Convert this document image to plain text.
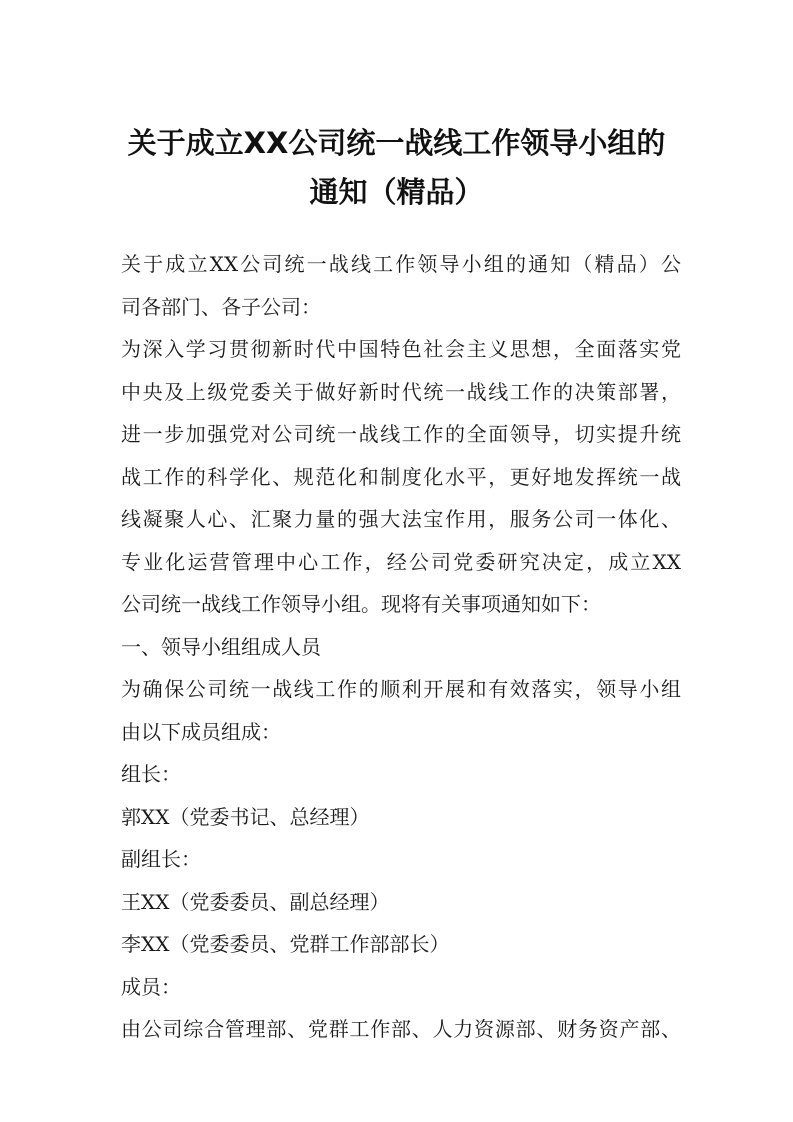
关于成立XX公司统一战线工作领导小组的
通知（精品）
关于成立XX公司统一战线工作领导小组的通知（精品）公
司各部门、各子公司：
为深入学习贯彻新时代中国特色社会主义思想，全面落实党
中央及上级党委关于做好新时代统一战线工作的决策部署，
进一步加强党对公司统一战线工作的全面领导，切实提升统
战工作的科学化、规范化和制度化水平，更好地发挥统一战
线凝聚人心、汇聚力量的强大法宝作用，服务公司一体化、
专业化运营管理中心工作，经公司党委研究决定，成立XX
公司统一战线工作领导小组。现将有关事项通知如下：
一、领导小组组成人员
为确保公司统一战线工作的顺利开展和有效落实，领导小组
由以下成员组成：
组长：
郭XX（党委书记、总经理）
副组长：
王XX（党委委员、副总经理）
李XX（党委委员、党群工作部部长）
成员：
由公司综合管理部、党群工作部、人力资源部、财务资产部、
